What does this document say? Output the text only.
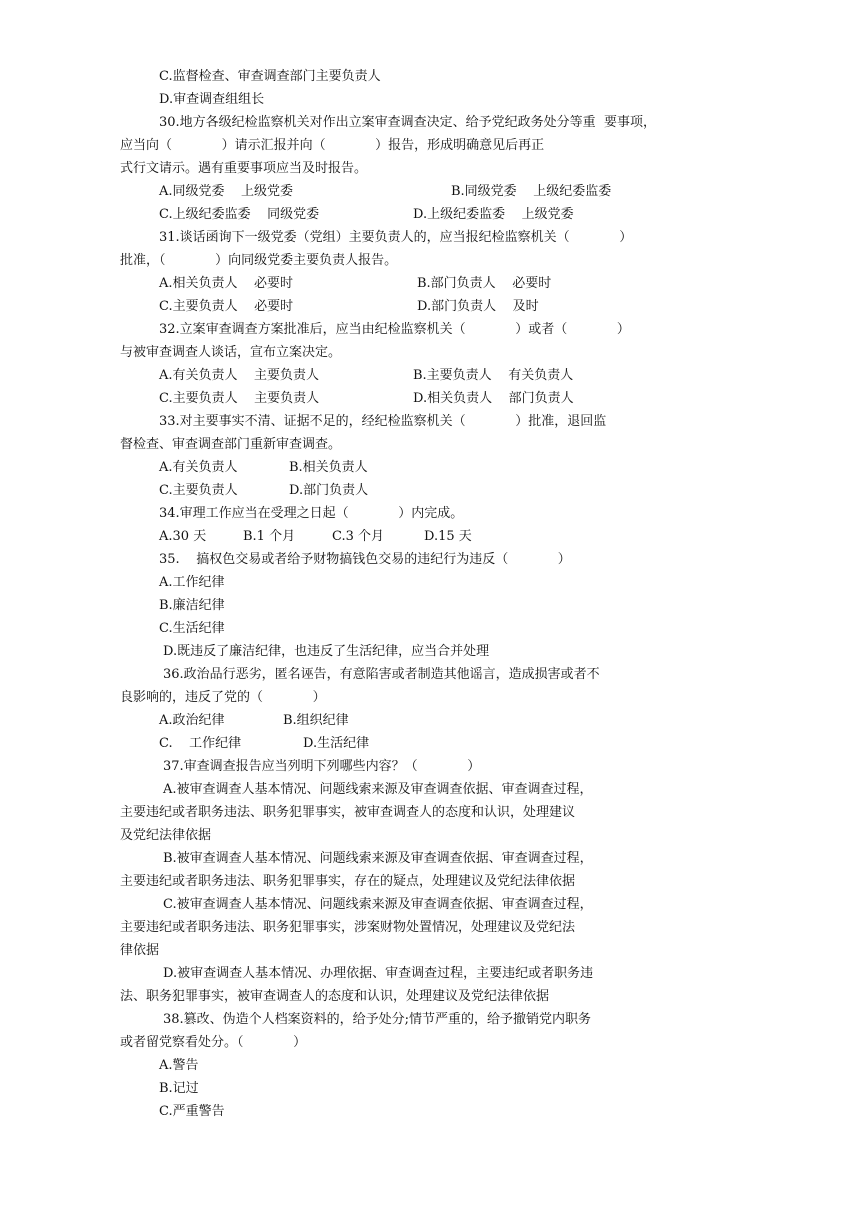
C.监督检查、审查调查部门主要负责人
D.审查调查组组长
30.地方各级纪检监察机关对作出立案审查调查决定、给予党纪政务处分等重  要事项，
应当向（            ）请示汇报并向（            ）报告，形成明确意见后再正
式行文请示。遇有重要事项应当及时报告。

A.同级党委    上级党委

	B.同级党委    上级纪委监委

C.上级纪委监委    同级党委

	D.上级纪委监委    上级党委

31.谈话函询下一级党委（党组）主要负责人的，应当报纪检监察机关（            ）
批准，（            ）向同级党委主要负责人报告。

A.相关负责人    必要时

	B.部门负责人    必要时

C.主要负责人    必要时

	D.部门负责人    及时

32.立案审查调查方案批准后，应当由纪检监察机关（            ）或者（            ）
与被审查调查人谈话，宣布立案决定。

A.有关负责人    主要负责人

	B.主要负责人    有关负责人

C.主要负责人    主要负责人

	D.相关负责人    部门负责人

33.对主要事实不清、证据不足的，经纪检监察机关（            ）批准，退回监
督检查、审查调查部门重新审查调查。

A.有关负责人

	B.相关负责人

C.主要负责人

	D.部门负责人

34.审理工作应当在受理之日起（            ）内完成。

A.30 天

	B.1 个月

	C.3 个月

	D.15 天

35.    搞权色交易或者给予财物搞钱色交易的违纪行为违反（            ）
A.工作纪律
B.廉洁纪律
C.生活纪律
D.既违反了廉洁纪律，也违反了生活纪律，应当合并处理
36.政治品行恶劣，匿名诬告，有意陷害或者制造其他谣言，造成损害或者不
良影响的，违反了党的（            ）

A.政治纪律

	B.组织纪律

C.    工作纪律

	D.生活纪律

37.审查调查报告应当列明下列哪些内容？（            ）
A.被审查调查人基本情况、问题线索来源及审查调查依据、审查调查过程，
主要违纪或者职务违法、职务犯罪事实，被审查调查人的态度和认识，处理建议
及党纪法律依据
B.被审查调查人基本情况、问题线索来源及审查调查依据、审查调查过程，
主要违纪或者职务违法、职务犯罪事实，存在的疑点，处理建议及党纪法律依据
C.被审查调查人基本情况、问题线索来源及审查调查依据、审查调查过程，
主要违纪或者职务违法、职务犯罪事实，涉案财物处置情况，处理建议及党纪法
律依据
D.被审查调查人基本情况、办理依据、审查调查过程，主要违纪或者职务违
法、职务犯罪事实，被审查调查人的态度和认识，处理建议及党纪法律依据
38.篡改、伪造个人档案资料的，给予处分;情节严重的，给予撤销党内职务
或者留党察看处分。（            ）
A.警告
B.记过
C.严重警告
